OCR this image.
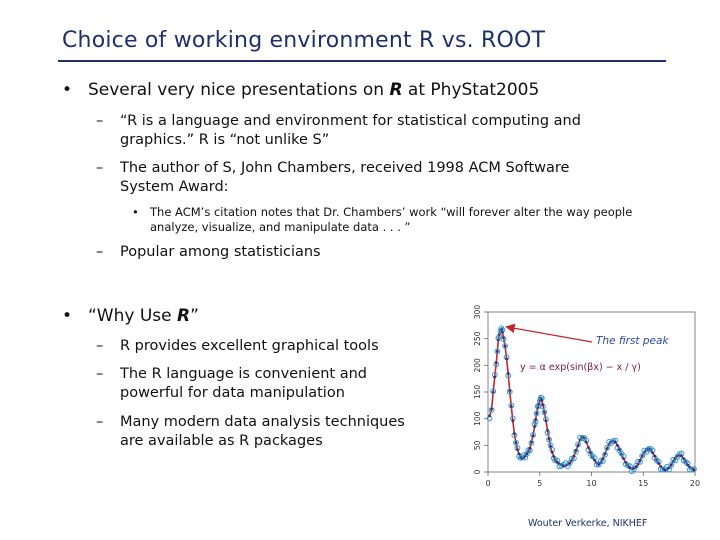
Choice of working environment R vs. ROOT
• Several very nice presentations on R at PhyStat2005
– “R is a language and environment for statistical computing and
graphics.” R is “not unlike S”
– The author of S, John Chambers, received 1998 ACM Software
System Award:
• The ACM’s citation notes that Dr. Chambers’ work “will forever alter the way people
analyze, visualize, and manipulate data . . . ”
– Popular among statisticians
• “Why Use R”
– R provides excellent graphical tools
– The R language is convenient and
powerful for data manipulation
– Many modern data analysis techniques
are available as R packages
0	5	10	15	20
0
50
100
150
200
250
300
The first peak
y = α exp(sin(βx) − x / γ)
Wouter Verkerke, NIKHEF
